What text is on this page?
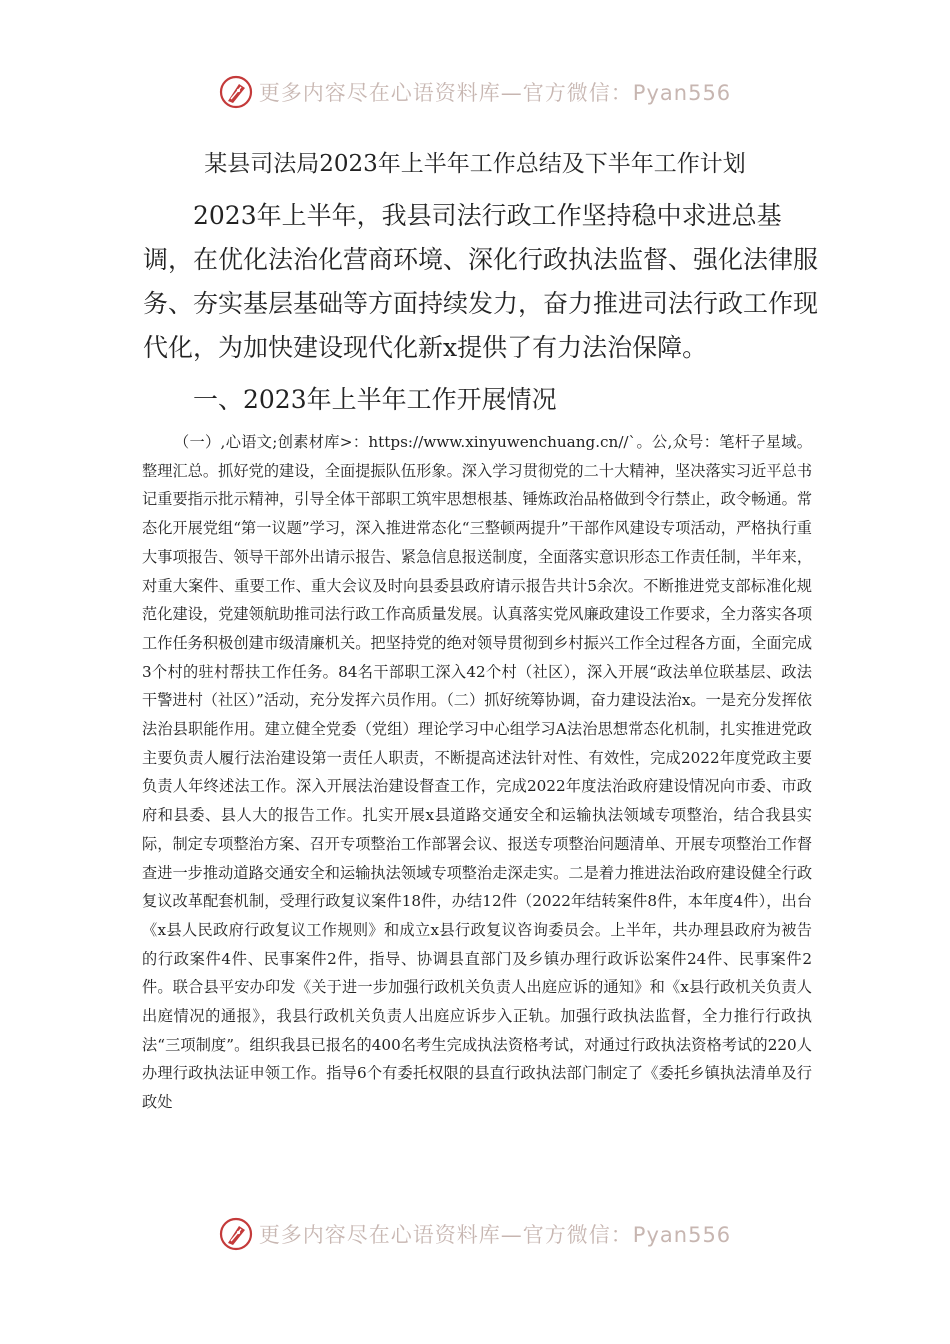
更多内容尽在心语资料库—官方微信：Pyan556
某县司法局2023年上半年工作总结及下半年工作计划

2023年上半年，我县司法行政工作坚持稳中求进总基调，在优化法治化营商环境、深化行政执法监督、强化法律服务、夯实基层基础等方面持续发力，奋力推进司法行政工作现代化，为加快建设现代化新x提供了有力法治保障。

一、2023年上半年工作开展情况

（一）,心语文;创素材库>：https://www.xinyuwenchuang.cn//`。公,众号：笔杆子星域。整理汇总。抓好党的建设，全面提振队伍形象。深入学习贯彻党的二十大精神，坚决落实习近平总书记重要指示批示精神，引导全体干部职工筑牢思想根基、锤炼政治品格做到令行禁止，政令畅通。常态化开展党组“第一议题”学习，深入推进常态化“三整顿两提升”干部作风建设专项活动，严格执行重大事项报告、领导干部外出请示报告、紧急信息报送制度，全面落实意识形态工作责任制，半年来，对重大案件、重要工作、重大会议及时向县委县政府请示报告共计5余次。不断推进党支部标准化规范化建设，党建领航助推司法行政工作高质量发展。认真落实党风廉政建设工作要求，全力落实各项工作任务积极创建市级清廉机关。把坚持党的绝对领导贯彻到乡村振兴工作全过程各方面，全面完成3个村的驻村帮扶工作任务。84名干部职工深入42个村（社区），深入开展“政法单位联基层、政法干警进村（社区）”活动，充分发挥六员作用。（二）抓好统筹协调，奋力建设法治x。一是充分发挥依法治县职能作用。建立健全党委（党组）理论学习中心组学习A法治思想常态化机制，扎实推进党政主要负责人履行法治建设第一责任人职责，不断提高述法针对性、有效性，完成2022年度党政主要负责人年终述法工作。深入开展法治建设督查工作，完成2022年度法治政府建设情况向市委、市政府和县委、县人大的报告工作。扎实开展x县道路交通安全和运输执法领域专项整治，结合我县实际，制定专项整治方案、召开专项整治工作部署会议、报送专项整治问题清单、开展专项整治工作督查进一步推动道路交通安全和运输执法领域专项整治走深走实。二是着力推进法治政府建设健全行政复议改革配套机制，受理行政复议案件18件，办结12件（2022年结转案件8件，本年度4件），出台《x县人民政府行政复议工作规则》和成立x县行政复议咨询委员会。上半年，共办理县政府为被告的行政案件4件、民事案件2件，指导、协调县直部门及乡镇办理行政诉讼案件24件、民事案件2件。联合县平安办印发《关于进一步加强行政机关负责人出庭应诉的通知》和《x县行政机关负责人出庭情况的通报》，我县行政机关负责人出庭应诉步入正轨。加强行政执法监督，全力推行行政执法“三项制度”。组织我县已报名的400名考生完成执法资格考试，对通过行政执法资格考试的220人办理行政执法证申领工作。指导6个有委托权限的县直行政执法部门制定了《委托乡镇执法清单及行政处

更多内容尽在心语资料库—官方微信：Pyan556
